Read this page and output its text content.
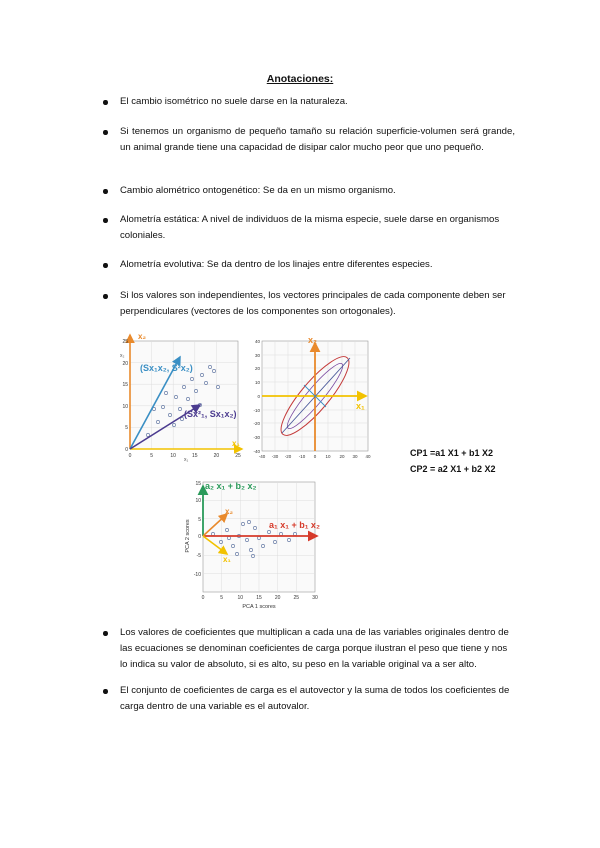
Anotaciones:
El cambio isométrico no suele darse en la naturaleza.
Si tenemos un organismo de pequeño tamaño su relación superficie-volumen será grande, un animal grande tiene una capacidad de disipar calor mucho peor que uno pequeño.
Cambio alométrico ontogenético: Se da en un mismo organismo.
Alometría estática: A nivel de individuos de la misma especie, suele darse en organismos coloniales.
Alometría evolutiva: Se da dentro de los linajes entre diferentes especies.
Si los valores son independientes, los vectores principales de cada componente deben ser perpendiculares (vectores de los componentes son ortogonales).
x₂
x₁
x₂
x₁
(Sx₁x₂, S²x₂)
(Sx²₁, Sx₁x₂)
0	5	10	15	20	25
0
5
10
15
20
25	x₂
x₁
-40 -30 -20 -10 0 10 20 30 40
-40
-30
-20
-10
0
10
20
30
40
CP1 =a1 X1 + b1 X2
CP2 = a2 X1 + b2 X2
a₂ x₁ + b₂ x₂
a₁ x₁ + b₁ x₂
x₂
x₁
PCA 1 scores
PCA 2 scores
0	5	10	15	20	25	30
-10
-5
0
5
10
15
Los valores de coeficientes que multiplican a cada una de las variables originales dentro de las ecuaciones se denominan coeficientes de carga porque ilustran el peso que tiene y nos lo indica su valor de absoluto, si es alto, su peso en la variable original va a ser alto.
El conjunto de coeficientes de carga es el autovector y la suma de todos los coeficientes de carga dentro de una variable es el autovalor.
